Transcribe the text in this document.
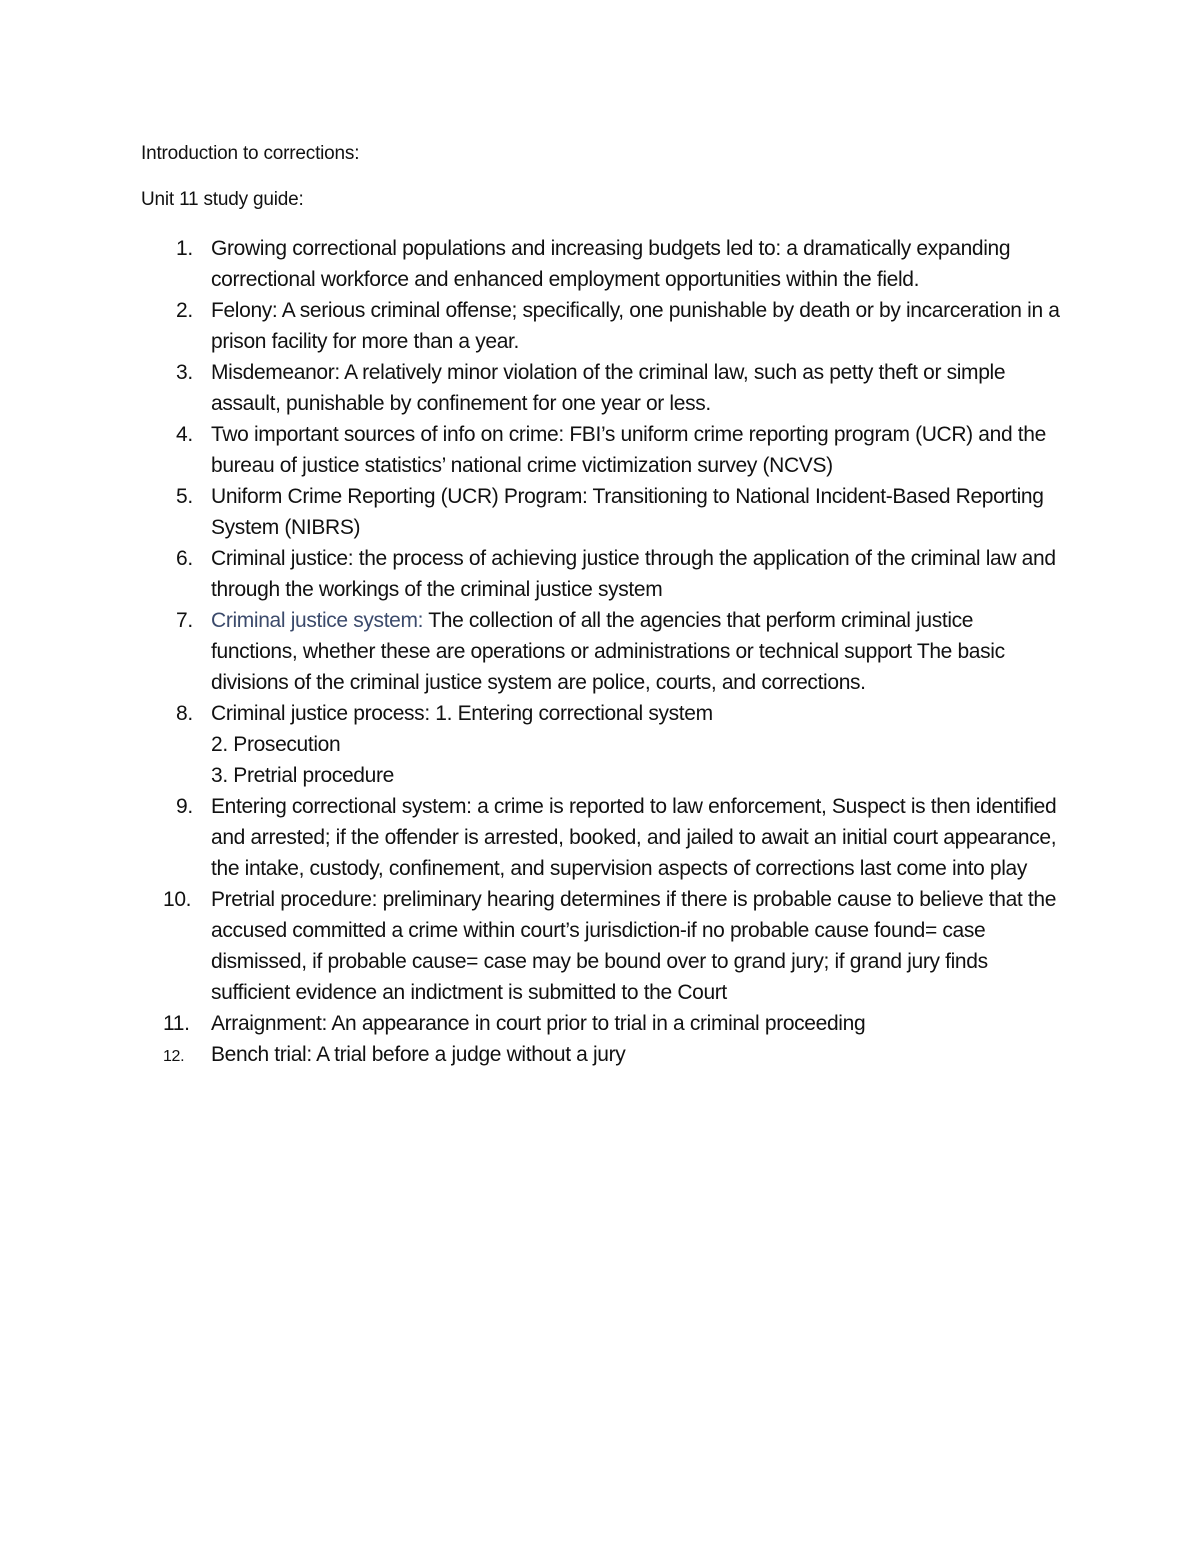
Introduction to corrections:
Unit 11 study guide:
1. Growing correctional populations and increasing budgets led to: a dramatically expanding correctional workforce and enhanced employment opportunities within the field.
2. Felony: A serious criminal offense; specifically, one punishable by death or by incarceration in a prison facility for more than a year.
3. Misdemeanor: A relatively minor violation of the criminal law, such as petty theft or simple assault, punishable by confinement for one year or less.
4. Two important sources of info on crime: FBI’s uniform crime reporting program (UCR) and the bureau of justice statistics’ national crime victimization survey (NCVS)
5. Uniform Crime Reporting (UCR) Program: Transitioning to National Incident-Based Reporting System (NIBRS)
6. Criminal justice: the process of achieving justice through the application of the criminal law and through the workings of the criminal justice system
7. Criminal justice system: The collection of all the agencies that perform criminal justice functions, whether these are operations or administrations or technical support The basic divisions of the criminal justice system are police, courts, and corrections.
8. Criminal justice process: 1. Entering correctional system
2. Prosecution
3. Pretrial procedure
9. Entering correctional system: a crime is reported to law enforcement, Suspect is then identified and arrested; if the offender is arrested, booked, and jailed to await an initial court appearance, the intake, custody, confinement, and supervision aspects of corrections last come into play
10. Pretrial procedure: preliminary hearing determines if there is probable cause to believe that the accused committed a crime within court’s jurisdiction-if no probable cause found= case dismissed, if probable cause= case may be bound over to grand jury; if grand jury finds sufficient evidence an indictment is submitted to the Court
11. Arraignment: An appearance in court prior to trial in a criminal proceeding
12. Bench trial: A trial before a judge without a jury
